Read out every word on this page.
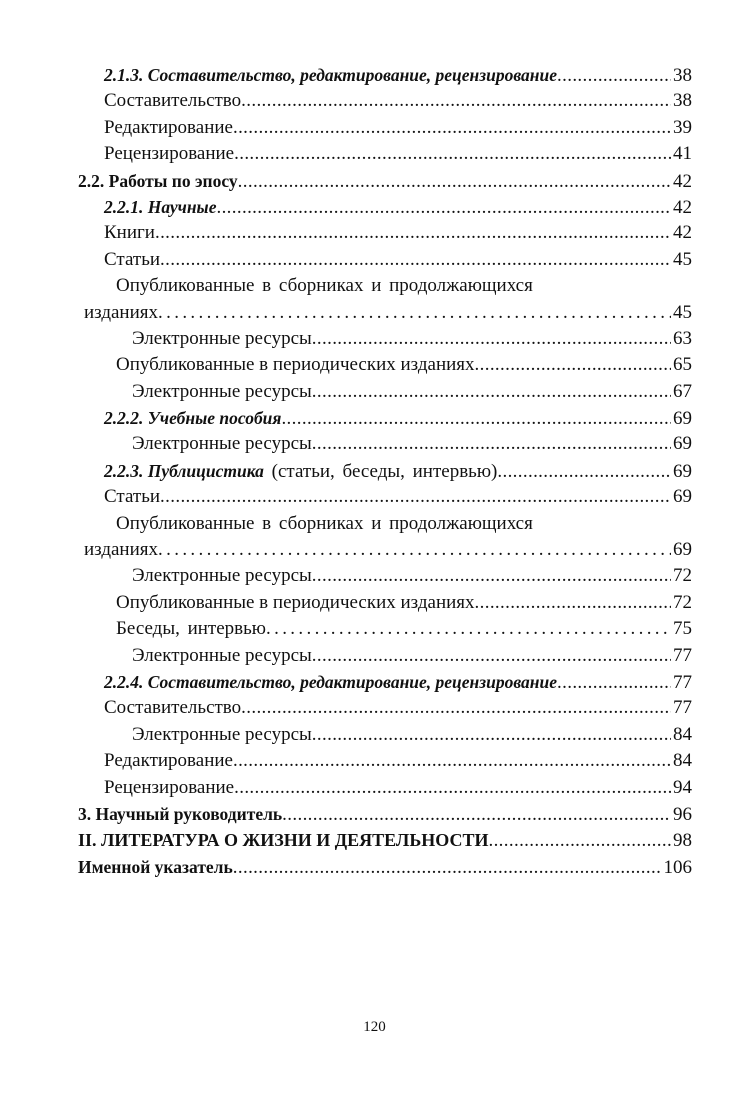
2.1.3. Составительство, редактирование, рецензирование . . .	38
Составительство . . .	38
Редактирование . . .	39
Рецензирование . . .	41
2.2. Работы по эпосу . . .	42
2.2.1. Научные . . .	42
Книги . . .	42
Статьи . . .	45
Опубликованные в сборниках и продолжающихся
изданиях . . .	45
Электронные ресурсы . . .	63
Опубликованные в периодических изданиях . . .	65
Электронные ресурсы . . .	67
2.2.2. Учебные пособия . . .	69
Электронные ресурсы . . .	69
2.2.3. Публицистика (статьи, беседы, интервью) . . .	69
Статьи . . .	69
Опубликованные в сборниках и продолжающихся
изданиях . . .	69
Электронные ресурсы . . .	72
Опубликованные в периодических изданиях . . .	72
Беседы, интервью . . .	75
Электронные ресурсы . . .	77
2.2.4. Составительство, редактирование, рецензирование . . .	77
Составительство . . .	77
Электронные ресурсы . . .	84
Редактирование . . .	84
Рецензирование . . .	94
3. Научный руководитель . . .	96
II. ЛИТЕРАТУРА О ЖИЗНИ И ДЕЯТЕЛЬНОСТИ . . .	98
Именной указатель . . .	106
120
